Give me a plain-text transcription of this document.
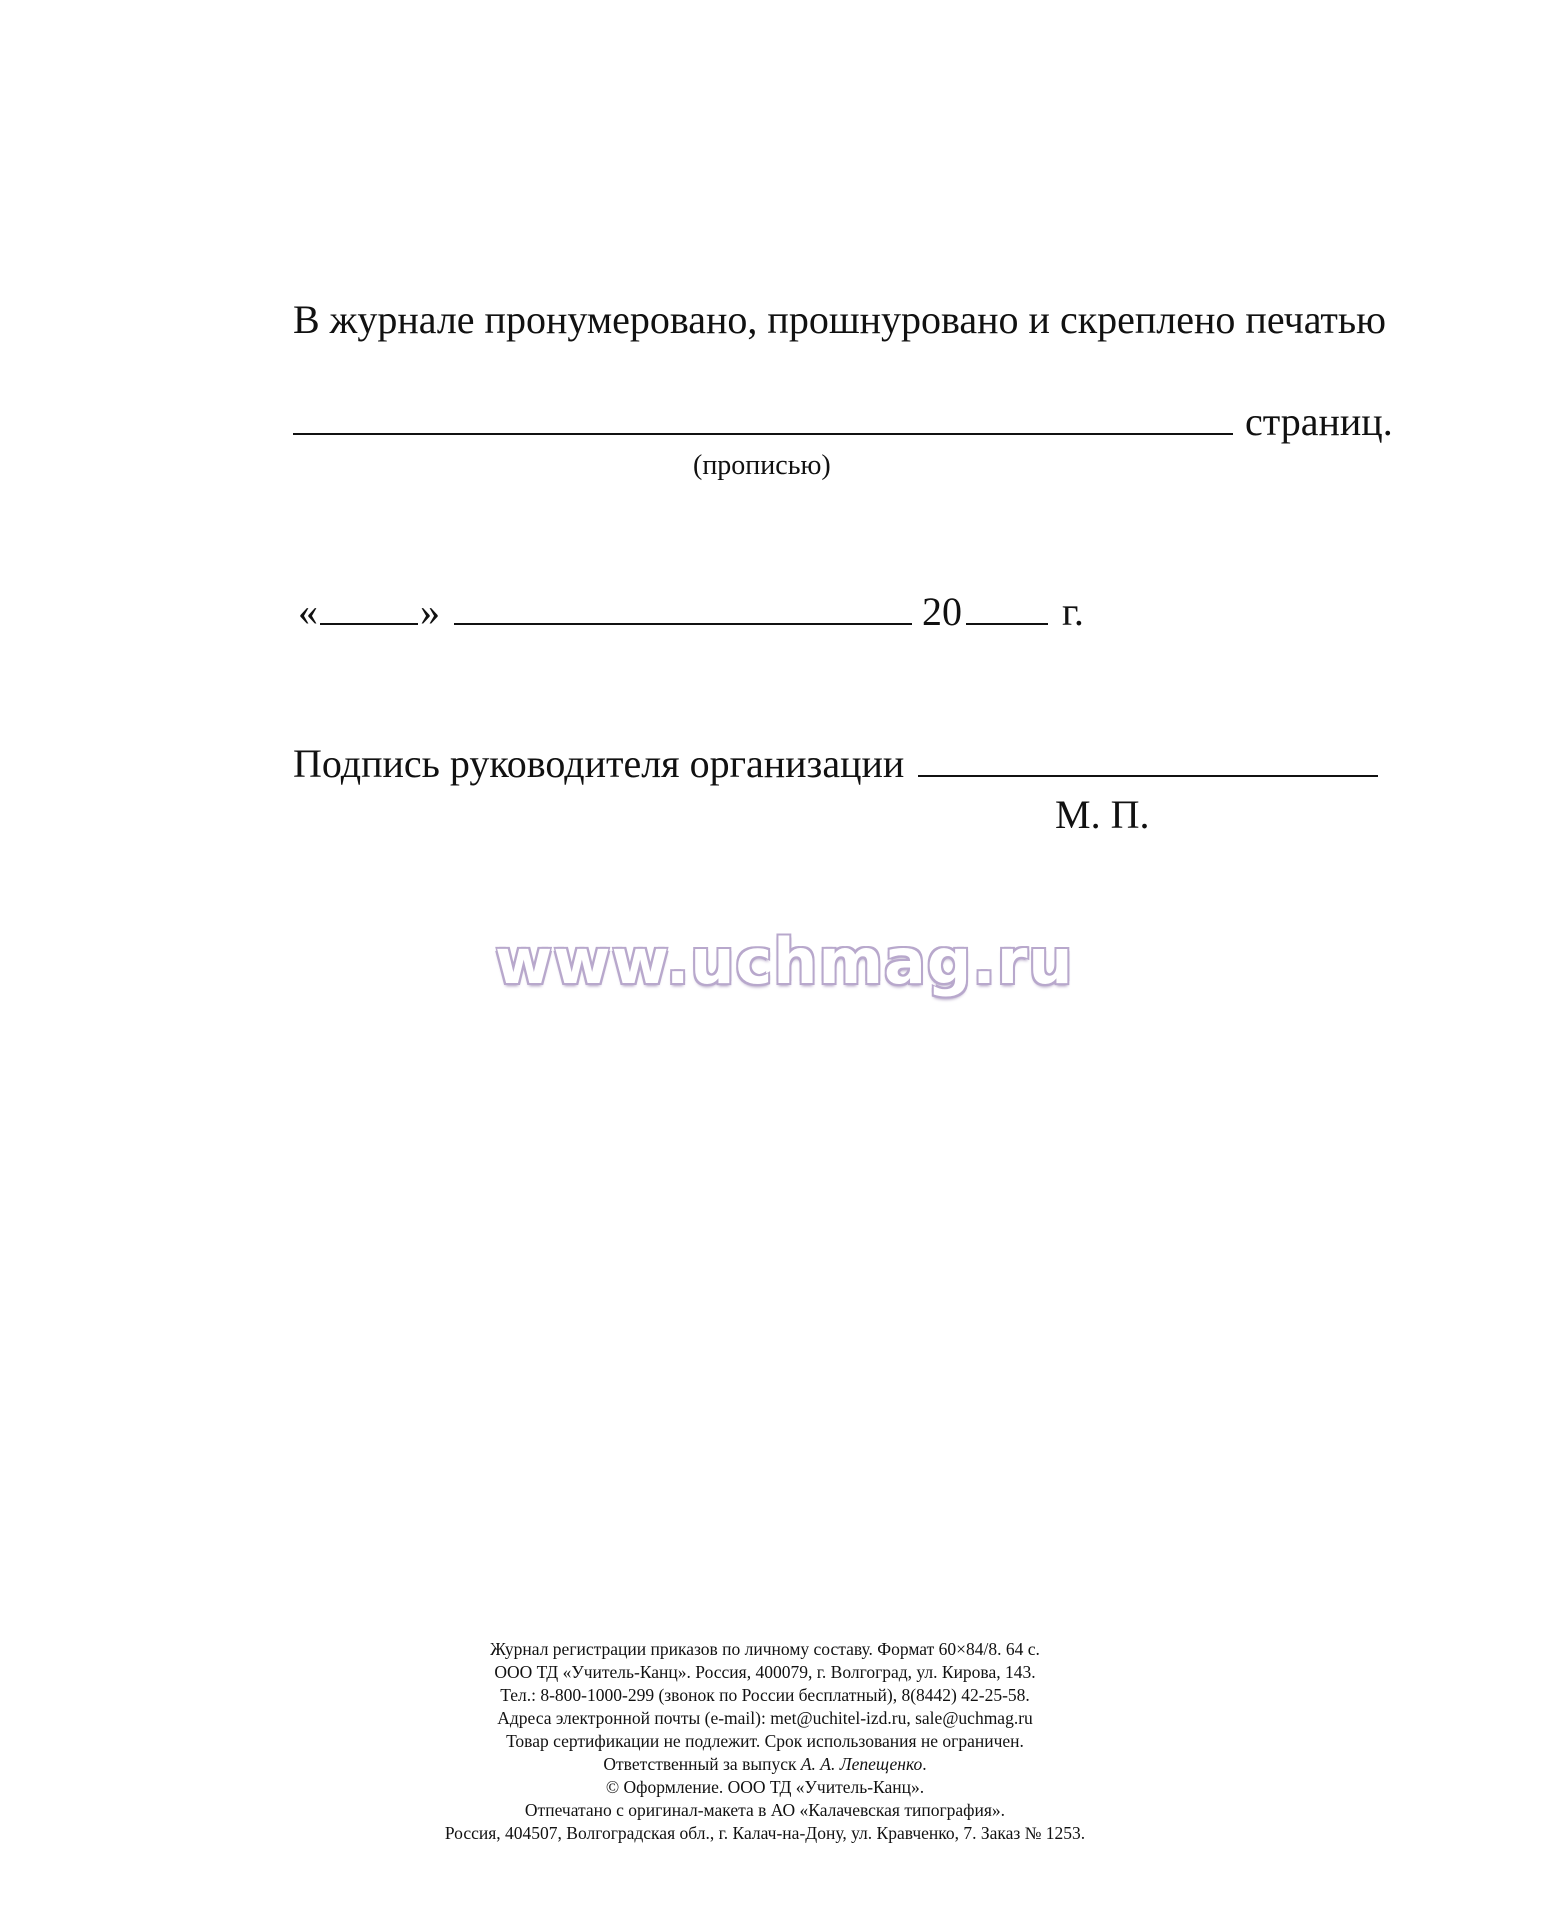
В журнале пронумеровано, прошнуровано и скреплено печатью
страниц.
(прописью)
«	»	20	г.
Подпись руководителя организации
М. П.
www.uchmag.ru
Журнал регистрации приказов по личному составу. Формат 60×84/8. 64 с.
ООО ТД «Учитель-Канц». Россия, 400079, г. Волгоград, ул. Кирова, 143.
Тел.: 8-800-1000-299 (звонок по России бесплатный), 8(8442) 42-25-58.
Адреса электронной почты (e-mail): met@uchitel-izd.ru, sale@uchmag.ru
Товар сертификации не подлежит. Срок использования не ограничен.
Ответственный за выпуск А. А. Лепещенко.
© Оформление. ООО ТД «Учитель-Канц».
Отпечатано с оригинал-макета в АО «Калачевская типография».
Россия, 404507, Волгоградская обл., г. Калач-на-Дону, ул. Кравченко, 7. Заказ № 1253.
